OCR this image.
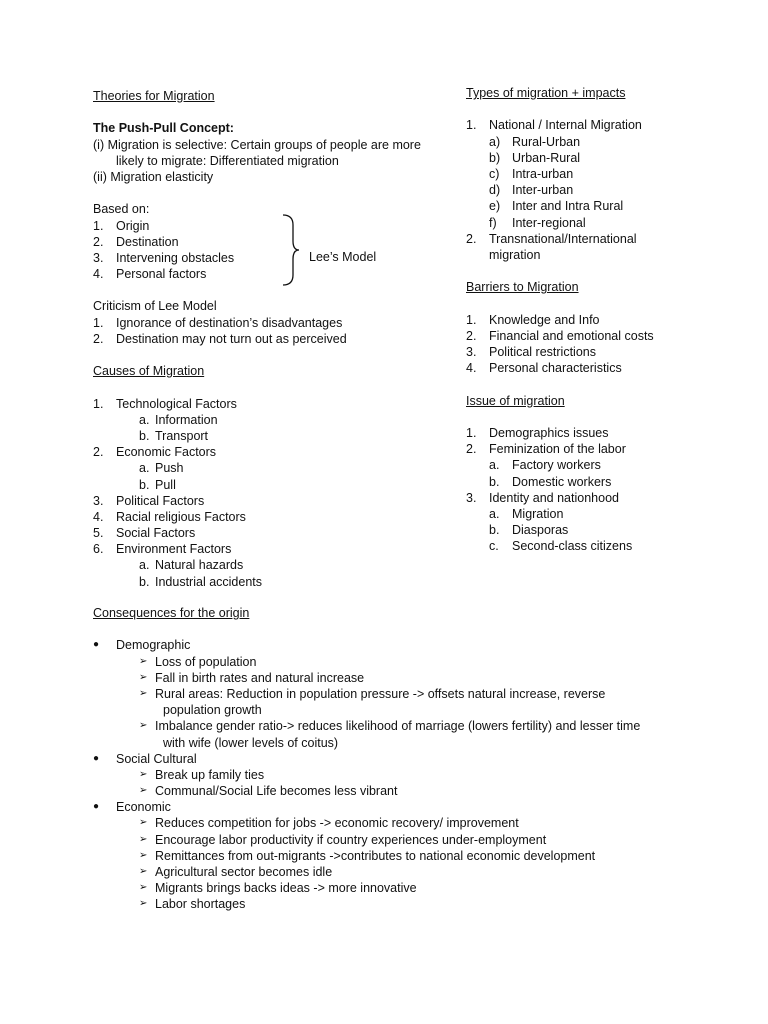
Theories for Migration
The Push-Pull Concept:
(i) Migration is selective: Certain groups of people are more
likely to migrate: Differentiated migration
(ii) Migration elasticity
Based on:
1. Origin
2. Destination
3. Intervening obstacles
4. Personal factors
Criticism of Lee Model
1. Ignorance of destination’s disadvantages
2. Destination may not turn out as perceived
Causes of Migration
1. Technological Factors
a. Information
b. Transport
2. Economic Factors
a. Push
b. Pull
3. Political Factors
4. Racial religious Factors
5. Social Factors
6. Environment Factors
a. Natural hazards
b. Industrial accidents
Lee’s Model
Types of migration + impacts
1. National / Internal Migration
a) Rural-Urban
b) Urban-Rural
c) Intra-urban
d) Inter-urban
e) Inter and Intra Rural
f) Inter-regional
2. Transnational/International
migration
Barriers to Migration
1. Knowledge and Info
2. Financial and emotional costs
3. Political restrictions
4. Personal characteristics
Issue of migration
1. Demographics issues
2. Feminization of the labor
a. Factory workers
b. Domestic workers
3. Identity and nationhood
a. Migration
b. Diasporas
c. Second-class citizens
Consequences for the origin
● Demographic
➢ Loss of population
➢ Fall in birth rates and natural increase
➢ Rural areas: Reduction in population pressure -> offsets natural increase, reverse
population growth
➢ Imbalance gender ratio-> reduces likelihood of marriage (lowers fertility) and lesser time
with wife (lower levels of coitus)
● Social Cultural
➢ Break up family ties
➢ Communal/Social Life becomes less vibrant
● Economic
➢ Reduces competition for jobs -> economic recovery/ improvement
➢ Encourage labor productivity if country experiences under-employment
➢ Remittances from out-migrants ->contributes to national economic development
➢ Agricultural sector becomes idle
➢ Migrants brings backs ideas -> more innovative
➢ Labor shortages
